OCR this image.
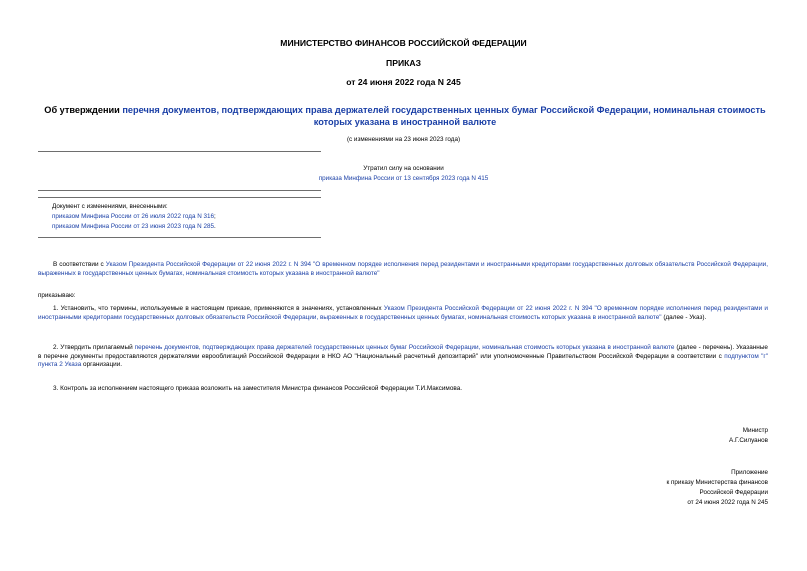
МИНИСТЕРСТВО ФИНАНСОВ РОССИЙСКОЙ ФЕДЕРАЦИИ
ПРИКАЗ
от 24 июня 2022 года N 245
Об утверждении перечня документов, подтверждающих права держателей государственных ценных бумаг Российской Федерации, номинальная стоимость которых указана в иностранной валюте
(с изменениями на 23 июня 2023 года)
Утратил силу на основании
приказа Минфина России от 13 сентября 2023 года N 415
Документ с изменениями, внесенными:
приказом Минфина России от 26 июля 2022 года N 316;
приказом Минфина России от 23 июня 2023 года N 285.
В соответствии с Указом Президента Российской Федерации от 22 июня 2022 г. N 394 "О временном порядке исполнения перед резидентами и иностранными кредиторами государственных долговых обязательств Российской Федерации, выраженных в государственных ценных бумагах, номинальная стоимость которых указана в иностранной валюте"
приказываю:
1. Установить, что термины, используемые в настоящем приказе, применяются в значениях, установленных Указом Президента Российской Федерации от 22 июня 2022 г. N 394 "О временном порядке исполнения перед резидентами и иностранными кредиторами государственных долговых обязательств Российской Федерации, выраженных в государственных ценных бумагах, номинальная стоимость которых указана в иностранной валюте" (далее - Указ).
2. Утвердить прилагаемый перечень документов, подтверждающих права держателей государственных ценных бумаг Российской Федерации, номинальная стоимость которых указана в иностранной валюте (далее - перечень). Указанные в перечне документы предоставляются держателями еврооблигаций Российской Федерации в НКО АО "Национальный расчетный депозитарий" или уполномоченные Правительством Российской Федерации в соответствии с подпунктом "г" пункта 2 Указа организации.
3. Контроль за исполнением настоящего приказа возложить на заместителя Министра финансов Российской Федерации Т.И.Максимова.
Министр
А.Г.Силуанов
Приложение
к приказу Министерства финансов
Российской Федерации
от 24 июня 2022 года N 245
